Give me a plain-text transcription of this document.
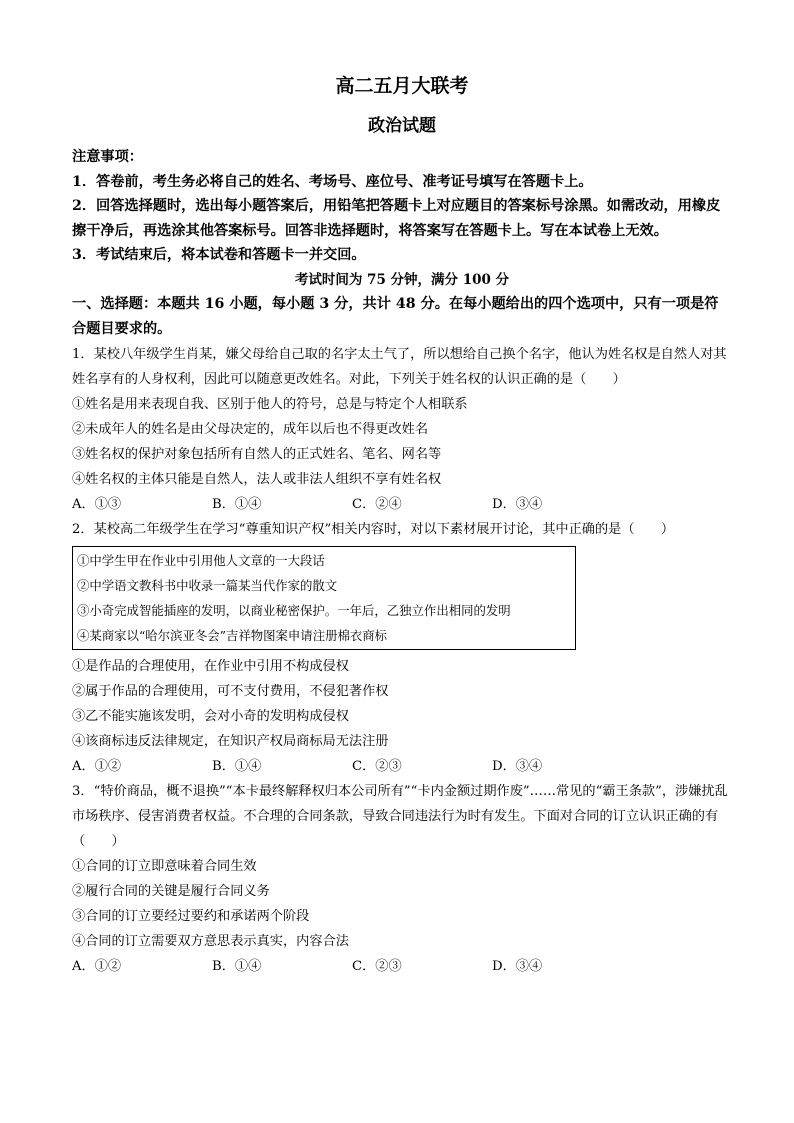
高二五月大联考
政治试题

注意事项：

1．答卷前，考生务必将自己的姓名、考场号、座位号、准考证号填写在答题卡上。

2．回答选择题时，选出每小题答案后，用铅笔把答题卡上对应题目的答案标号涂黑。如需改动，用橡皮擦干净后，再选涂其他答案标号。回答非选择题时，将答案写在答题卡上。写在本试卷上无效。

3．考试结束后，将本试卷和答题卡一并交回。

考试时间为 75 分钟，满分 100 分

一、选择题：本题共 16 小题，每小题 3 分，共计 48 分。在每小题给出的四个选项中，只有一项是符合题目要求的。

1．某校八年级学生肖某，嫌父母给自己取的名字太土气了，所以想给自己换个名字，他认为姓名权是自然人对其姓名享有的人身权利，因此可以随意更改姓名。对此，下列关于姓名权的认识正确的是（　　）

①姓名是用来表现自我、区别于他人的符号，总是与特定个人相联系

②未成年人的姓名是由父母决定的，成年以后也不得更改姓名

③姓名权的保护对象包括所有自然人的正式姓名、笔名、网名等

④姓名权的主体只能是自然人，法人或非法人组织不享有姓名权

A．①③	B．①④	C．②④	D．③④

2．某校高二年级学生在学习“尊重知识产权”相关内容时，对以下素材展开讨论，其中正确的是（　　）

①中学生甲在作业中引用他人文章的一大段话

②中学语文教科书中收录一篇某当代作家的散文

③小奇完成智能插座的发明，以商业秘密保护。一年后，乙独立作出相同的发明

④某商家以“哈尔滨亚冬会”吉祥物图案申请注册棉衣商标

①是作品的合理使用，在作业中引用不构成侵权

②属于作品的合理使用，可不支付费用，不侵犯著作权

③乙不能实施该发明，会对小奇的发明构成侵权

④该商标违反法律规定，在知识产权局商标局无法注册

A．①②	B．①④	C．②③	D．③④

3．“特价商品，概不退换”“本卡最终解释权归本公司所有”“卡内金额过期作废”……常见的“霸王条款”，涉嫌扰乱市场秩序、侵害消费者权益。不合理的合同条款，导致合同违法行为时有发生。下面对合同的订立认识正确的有（　　）

①合同的订立即意味着合同生效

②履行合同的关键是履行合同义务

③合同的订立要经过要约和承诺两个阶段

④合同的订立需要双方意思表示真实，内容合法

A．①②	B．①④	C．②③	D．③④
